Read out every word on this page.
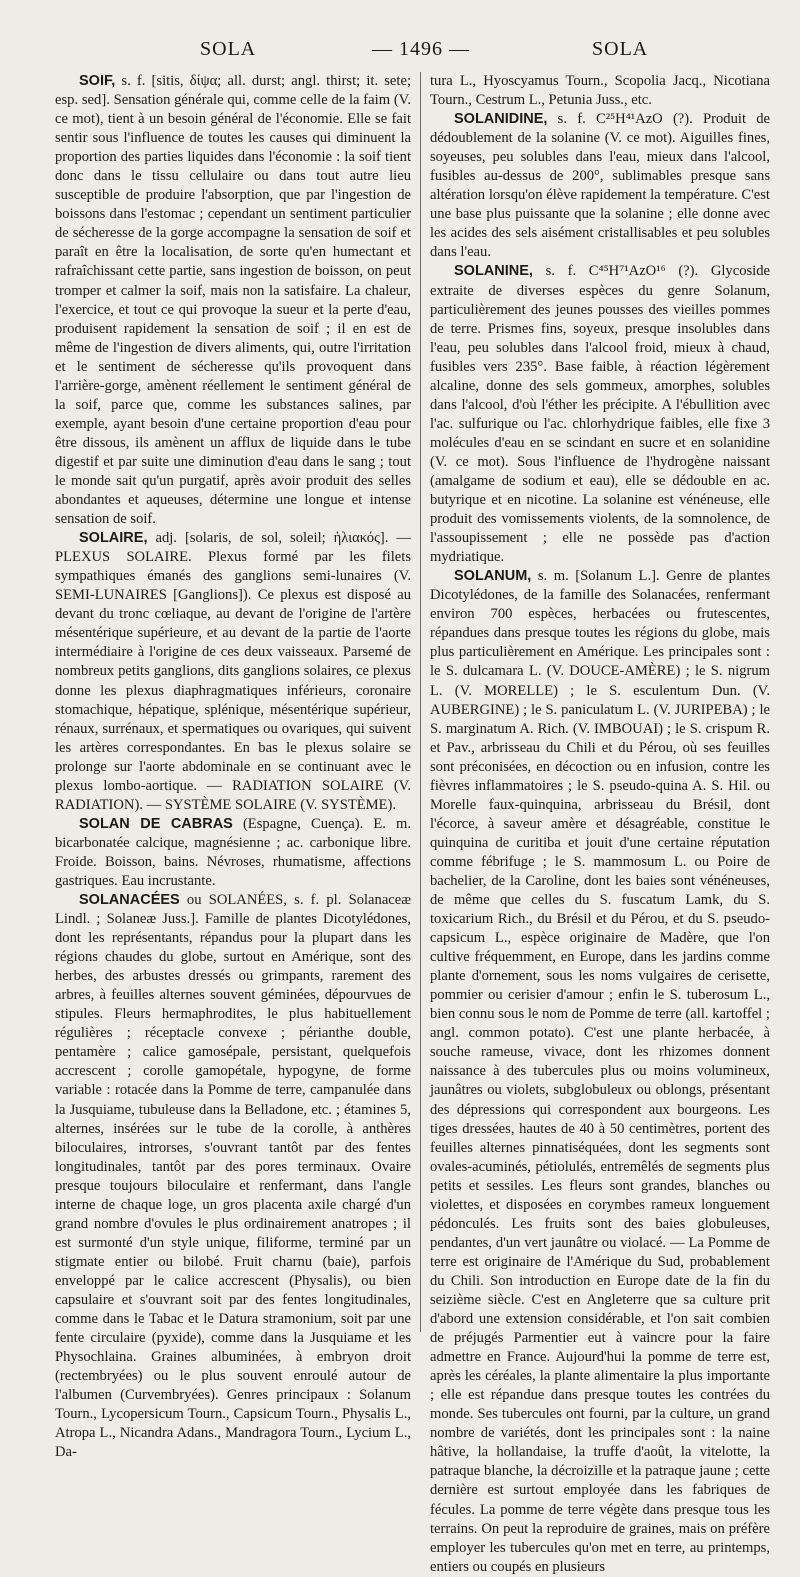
SOLA	— 1496 —	SOLA

SOIF, s. f. [sitis, δίψα; all. durst; angl. thirst; it. sete; esp. sed]. Sensation générale qui, comme celle de la faim (V. ce mot), tient à un besoin général de l'économie. Elle se fait sentir sous l'influence de toutes les causes qui diminuent la proportion des parties liquides dans l'économie : la soif tient donc dans le tissu cellulaire ou dans tout autre lieu susceptible de produire l'absorption, que par l'ingestion de boissons dans l'estomac ; cependant un sentiment particulier de sécheresse de la gorge accompagne la sensation de soif et paraît en être la localisation, de sorte qu'en humectant et rafraîchissant cette partie, sans ingestion de boisson, on peut tromper et calmer la soif, mais non la satisfaire. La chaleur, l'exercice, et tout ce qui provoque la sueur et la perte d'eau, produisent rapidement la sensation de soif ; il en est de même de l'ingestion de divers aliments, qui, outre l'irritation et le sentiment de sécheresse qu'ils provoquent dans l'arrière-gorge, amènent réellement le sentiment général de la soif, parce que, comme les substances salines, par exemple, ayant besoin d'une certaine proportion d'eau pour être dissous, ils amènent un afflux de liquide dans le tube digestif et par suite une diminution d'eau dans le sang ; tout le monde sait qu'un purgatif, après avoir produit des selles abondantes et aqueuses, détermine une longue et intense sensation de soif.

SOLAIRE, adj. [solaris, de sol, soleil; ἡλιακός]. — PLEXUS SOLAIRE. Plexus formé par les filets sympathiques émanés des ganglions semi-lunaires (V. SEMI-LUNAIRES [Ganglions]). Ce plexus est disposé au devant du tronc cœliaque, au devant de l'origine de l'artère mésentérique supérieure, et au devant de la partie de l'aorte intermédiaire à l'origine de ces deux vaisseaux. Parsemé de nombreux petits ganglions, dits ganglions solaires, ce plexus donne les plexus diaphragmatiques inférieurs, coronaire stomachique, hépatique, splénique, mésentérique supérieur, rénaux, surrénaux, et spermatiques ou ovariques, qui suivent les artères correspondantes. En bas le plexus solaire se prolonge sur l'aorte abdominale en se continuant avec le plexus lombo-aortique. — RADIATION SOLAIRE (V. RADIATION). — SYSTÈME SOLAIRE (V. SYSTÈME).

SOLAN DE CABRAS (Espagne, Cuença). E. m. bicarbonatée calcique, magnésienne ; ac. carbonique libre. Froide. Boisson, bains. Névroses, rhumatisme, affections gastriques. Eau incrustante.

SOLANACÉES ou SOLANÉES, s. f. pl. Solanaceæ Lindl. ; Solaneæ Juss.]. Famille de plantes Dicotylédones, dont les représentants, répandus pour la plupart dans les régions chaudes du globe, surtout en Amérique, sont des herbes, des arbustes dressés ou grimpants, rarement des arbres, à feuilles alternes souvent géminées, dépourvues de stipules. Fleurs hermaphrodites, le plus habituellement régulières ; réceptacle convexe ; périanthe double, pentamère ; calice gamosépale, persistant, quelquefois accrescent ; corolle gamopétale, hypogyne, de forme variable : rotacée dans la Pomme de terre, campanulée dans la Jusquiame, tubuleuse dans la Belladone, etc. ; étamines 5, alternes, insérées sur le tube de la corolle, à anthères biloculaires, introrses, s'ouvrant tantôt par des fentes longitudinales, tantôt par des pores terminaux. Ovaire presque toujours biloculaire et renfermant, dans l'angle interne de chaque loge, un gros placenta axile chargé d'un grand nombre d'ovules le plus ordinairement anatropes ; il est surmonté d'un style unique, filiforme, terminé par un stigmate entier ou bilobé. Fruit charnu (baie), parfois enveloppé par le calice accrescent (Physalis), ou bien capsulaire et s'ouvrant soit par des fentes longitudinales, comme dans le Tabac et le Datura stramonium, soit par une fente circulaire (pyxide), comme dans la Jusquiame et les Physochlaina. Graines albuminées, à embryon droit (rectembryées) ou le plus souvent enroulé autour de l'albumen (Curvembryées). Genres principaux : Solanum Tourn., Lycopersicum Tourn., Capsicum Tourn., Physalis L., Atropa L., Nicandra Adans., Mandragora Tourn., Lycium L., Da-

tura L., Hyoscyamus Tourn., Scopolia Jacq., Nicotiana Tourn., Cestrum L., Petunia Juss., etc.

SOLANIDINE, s. f. C²⁵H⁴¹AzO (?). Produit de dédoublement de la solanine (V. ce mot). Aiguilles fines, soyeuses, peu solubles dans l'eau, mieux dans l'alcool, fusibles au-dessus de 200°, sublimables presque sans altération lorsqu'on élève rapidement la température. C'est une base plus puissante que la solanine ; elle donne avec les acides des sels aisément cristallisables et peu solubles dans l'eau.

SOLANINE, s. f. C⁴⁵H⁷¹AzO¹⁶ (?). Glycoside extraite de diverses espèces du genre Solanum, particulièrement des jeunes pousses des vieilles pommes de terre. Prismes fins, soyeux, presque insolubles dans l'eau, peu solubles dans l'alcool froid, mieux à chaud, fusibles vers 235°. Base faible, à réaction légèrement alcaline, donne des sels gommeux, amorphes, solubles dans l'alcool, d'où l'éther les précipite. A l'ébullition avec l'ac. sulfurique ou l'ac. chlorhydrique faibles, elle fixe 3 molécules d'eau en se scindant en sucre et en solanidine (V. ce mot). Sous l'influence de l'hydrogène naissant (amalgame de sodium et eau), elle se dédouble en ac. butyrique et en nicotine. La solanine est vénéneuse, elle produit des vomissements violents, de la somnolence, de l'assoupissement ; elle ne possède pas d'action mydriatique.

SOLANUM, s. m. [Solanum L.]. Genre de plantes Dicotylédones, de la famille des Solanacées, renfermant environ 700 espèces, herbacées ou frutescentes, répandues dans presque toutes les régions du globe, mais plus particulièrement en Amérique. Les principales sont : le S. dulcamara L. (V. DOUCE-AMÈRE) ; le S. nigrum L. (V. MORELLE) ; le S. esculentum Dun. (V. AUBERGINE) ; le S. paniculatum L. (V. JURIPEBA) ; le S. marginatum A. Rich. (V. IMBOUAI) ; le S. crispum R. et Pav., arbrisseau du Chili et du Pérou, où ses feuilles sont préconisées, en décoction ou en infusion, contre les fièvres inflammatoires ; le S. pseudo-quina A. S. Hil. ou Morelle faux-quinquina, arbrisseau du Brésil, dont l'écorce, à saveur amère et désagréable, constitue le quinquina de curitiba et jouit d'une certaine réputation comme fébrifuge ; le S. mammosum L. ou Poire de bachelier, de la Caroline, dont les baies sont vénéneuses, de même que celles du S. fuscatum Lamk, du S. toxicarium Rich., du Brésil et du Pérou, et du S. pseudo-capsicum L., espèce originaire de Madère, que l'on cultive fréquemment, en Europe, dans les jardins comme plante d'ornement, sous les noms vulgaires de cerisette, pommier ou cerisier d'amour ; enfin le S. tuberosum L., bien connu sous le nom de Pomme de terre (all. kartoffel ; angl. common potato). C'est une plante herbacée, à souche rameuse, vivace, dont les rhizomes donnent naissance à des tubercules plus ou moins volumineux, jaunâtres ou violets, subglobuleux ou oblongs, présentant des dépressions qui correspondent aux bourgeons. Les tiges dressées, hautes de 40 à 50 centimètres, portent des feuilles alternes pinnatiséquées, dont les segments sont ovales-acuminés, pétiolulés, entremêlés de segments plus petits et sessiles. Les fleurs sont grandes, blanches ou violettes, et disposées en corymbes rameux longuement pédonculés. Les fruits sont des baies globuleuses, pendantes, d'un vert jaunâtre ou violacé. — La Pomme de terre est originaire de l'Amérique du Sud, probablement du Chili. Son introduction en Europe date de la fin du seizième siècle. C'est en Angleterre que sa culture prit d'abord une extension considérable, et l'on sait combien de préjugés Parmentier eut à vaincre pour la faire admettre en France. Aujourd'hui la pomme de terre est, après les céréales, la plante alimentaire la plus importante ; elle est répandue dans presque toutes les contrées du monde. Ses tubercules ont fourni, par la culture, un grand nombre de variétés, dont les principales sont : la naine hâtive, la hollandaise, la truffe d'août, la vitelotte, la patraque blanche, la décroizille et la patraque jaune ; cette dernière est surtout employée dans les fabriques de fécules. La pomme de terre végète dans presque tous les terrains. On peut la reproduire de graines, mais on préfère employer les tubercules qu'on met en terre, au printemps, entiers ou coupés en plusieurs
